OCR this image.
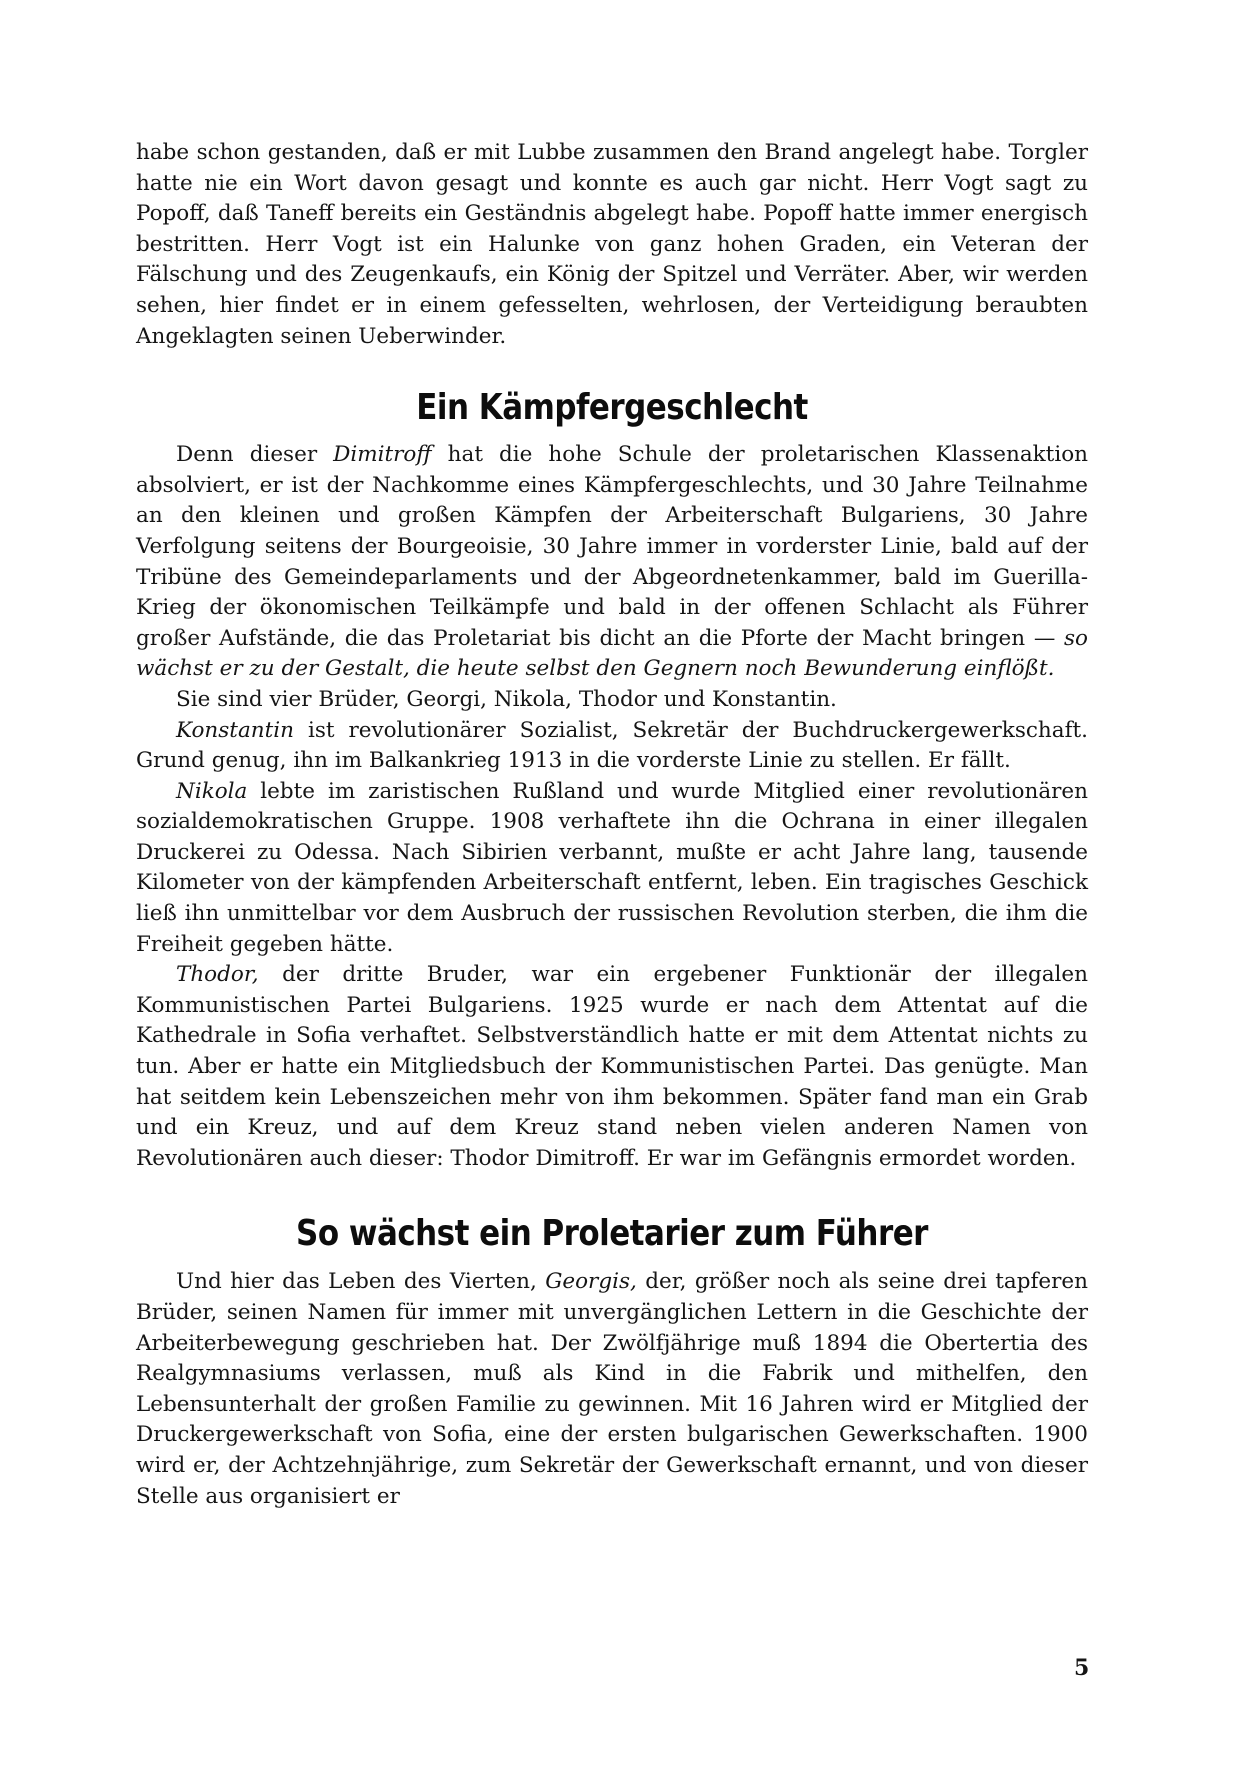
habe schon gestanden, daß er mit Lubbe zusammen den Brand angelegt habe. Torgler hatte nie ein Wort davon gesagt und konnte es auch gar nicht. Herr Vogt sagt zu Popoff, daß Taneff bereits ein Geständnis abgelegt habe. Popoff hatte immer energisch bestritten. Herr Vogt ist ein Halunke von ganz hohen Graden, ein Veteran der Fälschung und des Zeugenkaufs, ein König der Spitzel und Verräter. Aber, wir werden sehen, hier findet er in einem gefesselten, wehrlosen, der Verteidigung beraubten Angeklagten seinen Ueberwinder.

Ein Kämpfergeschlecht

Denn dieser Dimitroff hat die hohe Schule der proletarischen Klassenaktion absolviert, er ist der Nachkomme eines Kämpfergeschlechts, und 30 Jahre Teilnahme an den kleinen und großen Kämpfen der Arbeiterschaft Bulgariens, 30 Jahre Verfolgung seitens der Bourgeoisie, 30 Jahre immer in vorderster Linie, bald auf der Tribüne des Gemeindeparlaments und der Abgeordnetenkammer, bald im Guerilla-Krieg der ökonomischen Teilkämpfe und bald in der offenen Schlacht als Führer großer Aufstände, die das Proletariat bis dicht an die Pforte der Macht bringen — so wächst er zu der Gestalt, die heute selbst den Gegnern noch Bewunderung einflößt.

Sie sind vier Brüder, Georgi, Nikola, Thodor und Konstantin.

Konstantin ist revolutionärer Sozialist, Sekretär der Buchdruckergewerkschaft. Grund genug, ihn im Balkankrieg 1913 in die vorderste Linie zu stellen. Er fällt.

Nikola lebte im zaristischen Rußland und wurde Mitglied einer revolutionären sozialdemokratischen Gruppe. 1908 verhaftete ihn die Ochrana in einer illegalen Druckerei zu Odessa. Nach Sibirien verbannt, mußte er acht Jahre lang, tausende Kilometer von der kämpfenden Arbeiterschaft entfernt, leben. Ein tragisches Geschick ließ ihn unmittelbar vor dem Ausbruch der russischen Revolution sterben, die ihm die Freiheit gegeben hätte.

Thodor, der dritte Bruder, war ein ergebener Funktionär der illegalen Kommunistischen Partei Bulgariens. 1925 wurde er nach dem Attentat auf die Kathedrale in Sofia verhaftet. Selbstverständlich hatte er mit dem Attentat nichts zu tun. Aber er hatte ein Mitgliedsbuch der Kommunistischen Partei. Das genügte. Man hat seitdem kein Lebenszeichen mehr von ihm bekommen. Später fand man ein Grab und ein Kreuz, und auf dem Kreuz stand neben vielen anderen Namen von Revolutionären auch dieser: Thodor Dimitroff. Er war im Gefängnis ermordet worden.

So wächst ein Proletarier zum Führer

Und hier das Leben des Vierten, Georgis, der, größer noch als seine drei tapferen Brüder, seinen Namen für immer mit unvergänglichen Lettern in die Geschichte der Arbeiterbewegung geschrieben hat. Der Zwölfjährige muß 1894 die Obertertia des Realgymnasiums verlassen, muß als Kind in die Fabrik und mithelfen, den Lebensunterhalt der großen Familie zu gewinnen. Mit 16 Jahren wird er Mitglied der Druckergewerkschaft von Sofia, eine der ersten bulgarischen Gewerkschaften. 1900 wird er, der Achtzehnjährige, zum Sekretär der Gewerkschaft ernannt, und von dieser Stelle aus organisiert er

5
